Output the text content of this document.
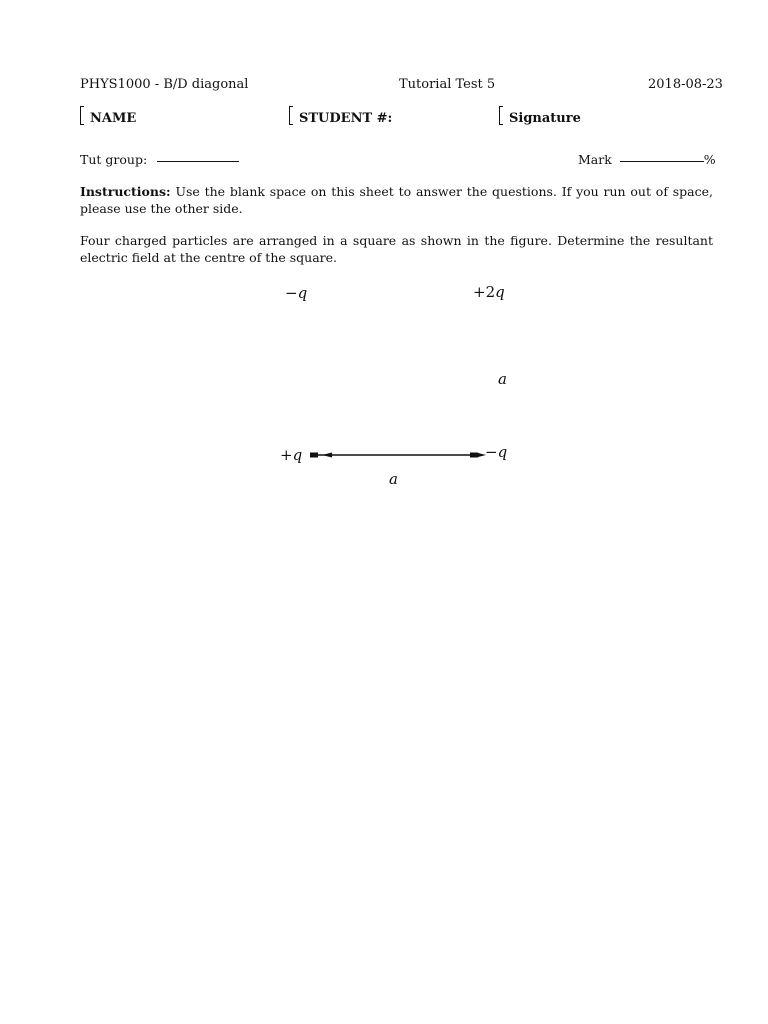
PHYS1000 - B/D diagonal	Tutorial Test 5	2018-08-23
NAME	STUDENT #:	Signature
Tut group:	Mark	%
Instructions: Use the blank space on this sheet to answer the questions. If you run out of space, please use the other side.
Four charged particles are arranged in a square as shown in the figure. Determine the resultant electric field at the centre of the square.
−q	+2q
a
+q	−q
a
